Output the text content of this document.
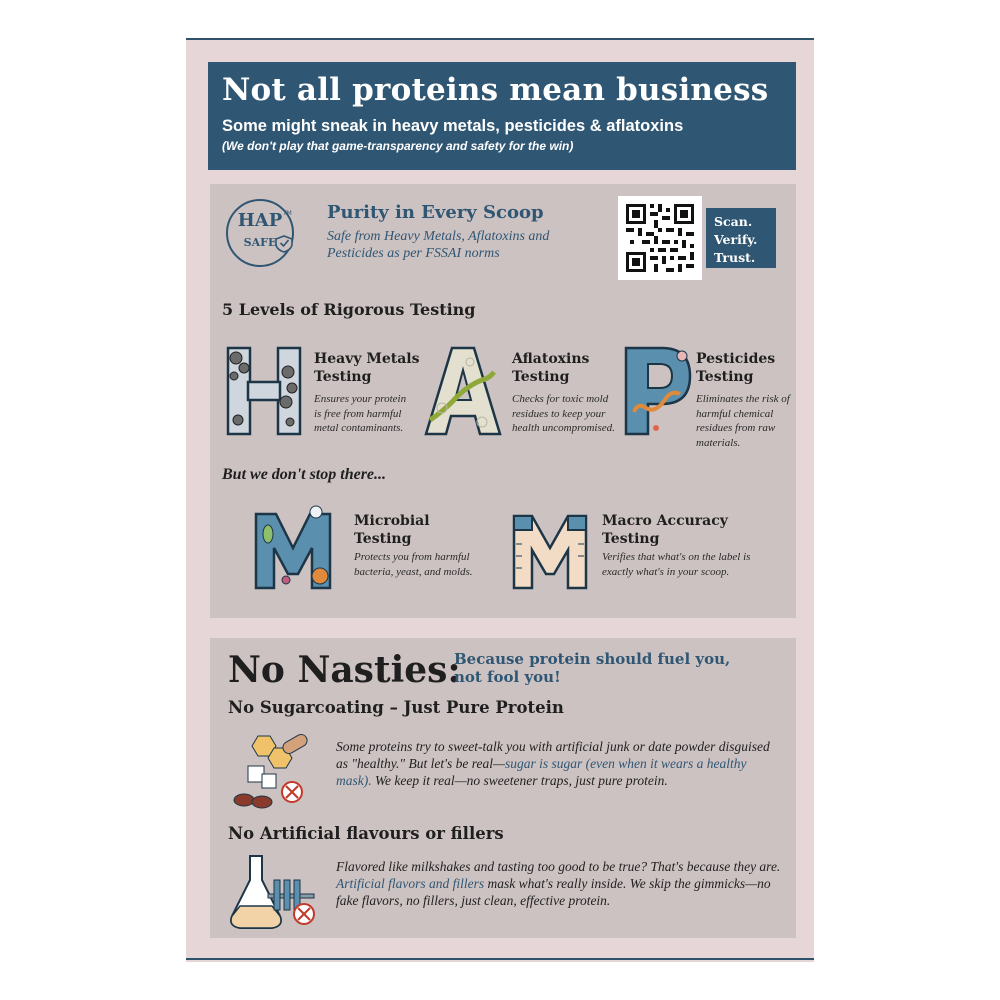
Not all proteins mean business
Some might sneak in heavy metals, pesticides & aflatoxins
(We don't play that game-transparency and safety for the win)
HAP TM
SAFE
Purity in Every Scoop
Safe from Heavy Metals, Aflatoxins and Pesticides as per FSSAI norms
Scan.
Verify.
Trust.
5 Levels of Rigorous Testing
Heavy Metals
Testing
Ensures your protein is free from harmful metal contaminants.
Aflatoxins
Testing
Checks for toxic mold residues to keep your health uncompromised.
Pesticides
Testing
Eliminates the risk of harmful chemical residues from raw materials.
But we don't stop there...
Microbial
Testing
Protects you from harmful bacteria, yeast, and molds.
Macro Accuracy
Testing
Verifies that what's on the label is exactly what's in your scoop.
No Nasties:
Because protein should fuel you, not fool you!
No Sugarcoating – Just Pure Protein
Some proteins try to sweet-talk you with artificial junk or date powder disguised as "healthy." But let's be real—sugar is sugar (even when it wears a healthy mask). We keep it real—no sweetener traps, just pure protein.
No Artificial flavours or fillers
Flavored like milkshakes and tasting too good to be true? That's because they are. Artificial flavors and fillers mask what's really inside. We skip the gimmicks—no fake flavors, no fillers, just clean, effective protein.
